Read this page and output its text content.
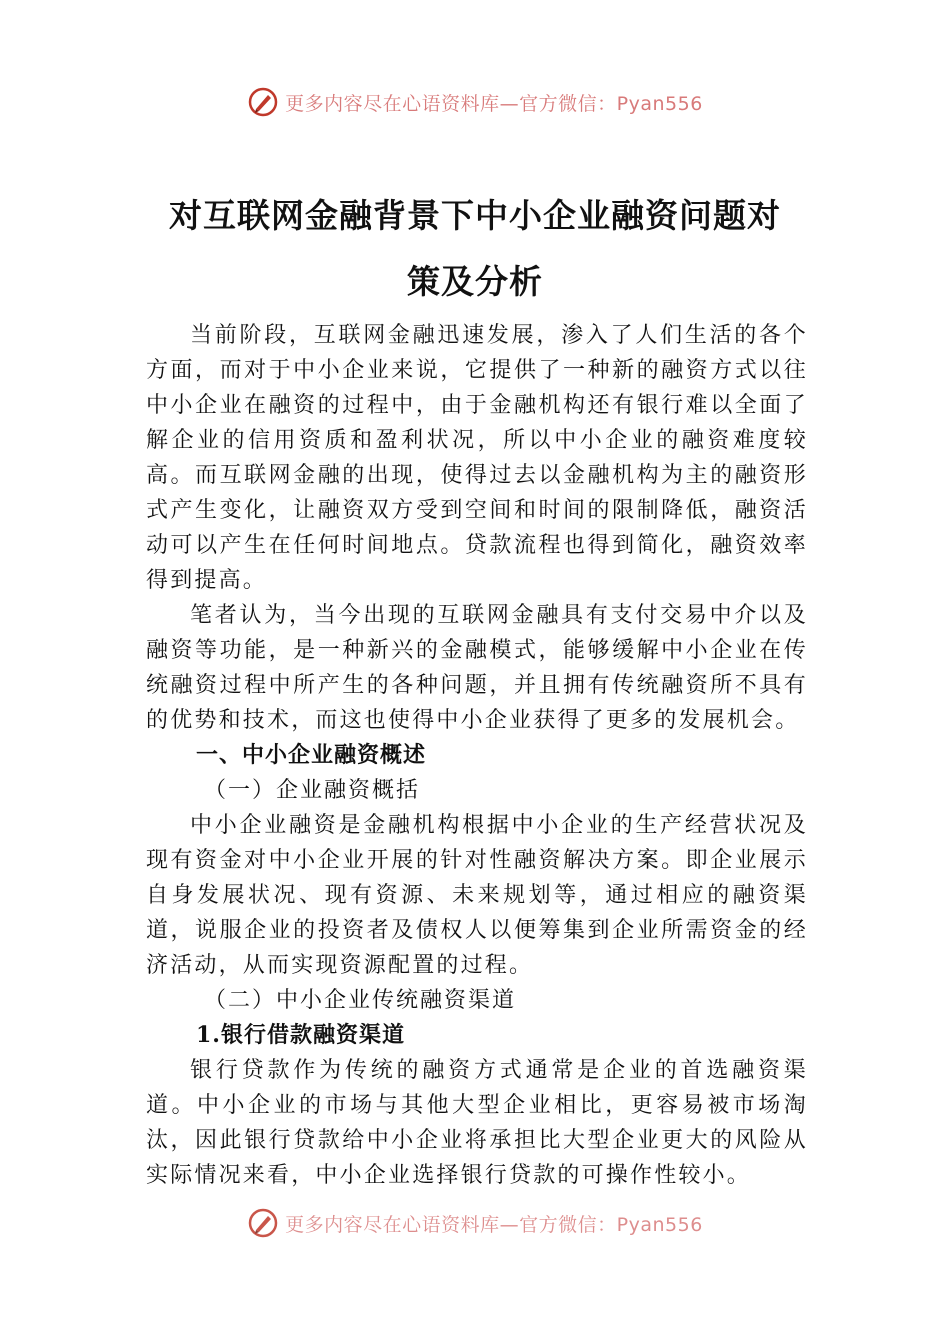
更多内容尽在心语资料库—官方微信：Pyan556
对互联网金融背景下中小企业融资问题对
策及分析

当前阶段，互联网金融迅速发展，渗入了人们生活的各个方面，而对于中小企业来说，它提供了一种新的融资方式以往中小企业在融资的过程中，由于金融机构还有银行难以全面了解企业的信用资质和盈利状况，所以中小企业的融资难度较高。而互联网金融的出现，使得过去以金融机构为主的融资形式产生变化，让融资双方受到空间和时间的限制降低，融资活动可以产生在任何时间地点。贷款流程也得到简化，融资效率得到提高。

笔者认为，当今出现的互联网金融具有支付交易中介以及融资等功能，是一种新兴的金融模式，能够缓解中小企业在传统融资过程中所产生的各种问题，并且拥有传统融资所不具有的优势和技术，而这也使得中小企业获得了更多的发展机会。

一、中小企业融资概述

（一）企业融资概括

中小企业融资是金融机构根据中小企业的生产经营状况及现有资金对中小企业开展的针对性融资解决方案。即企业展示自身发展状况、现有资源、未来规划等，通过相应的融资渠道，说服企业的投资者及债权人以便筹集到企业所需资金的经济活动，从而实现资源配置的过程。

（二）中小企业传统融资渠道

1.银行借款融资渠道

银行贷款作为传统的融资方式通常是企业的首选融资渠道。中小企业的市场与其他大型企业相比，更容易被市场淘汰，因此银行贷款给中小企业将承担比大型企业更大的风险从实际情况来看，中小企业选择银行贷款的可操作性较小。

更多内容尽在心语资料库—官方微信：Pyan556
